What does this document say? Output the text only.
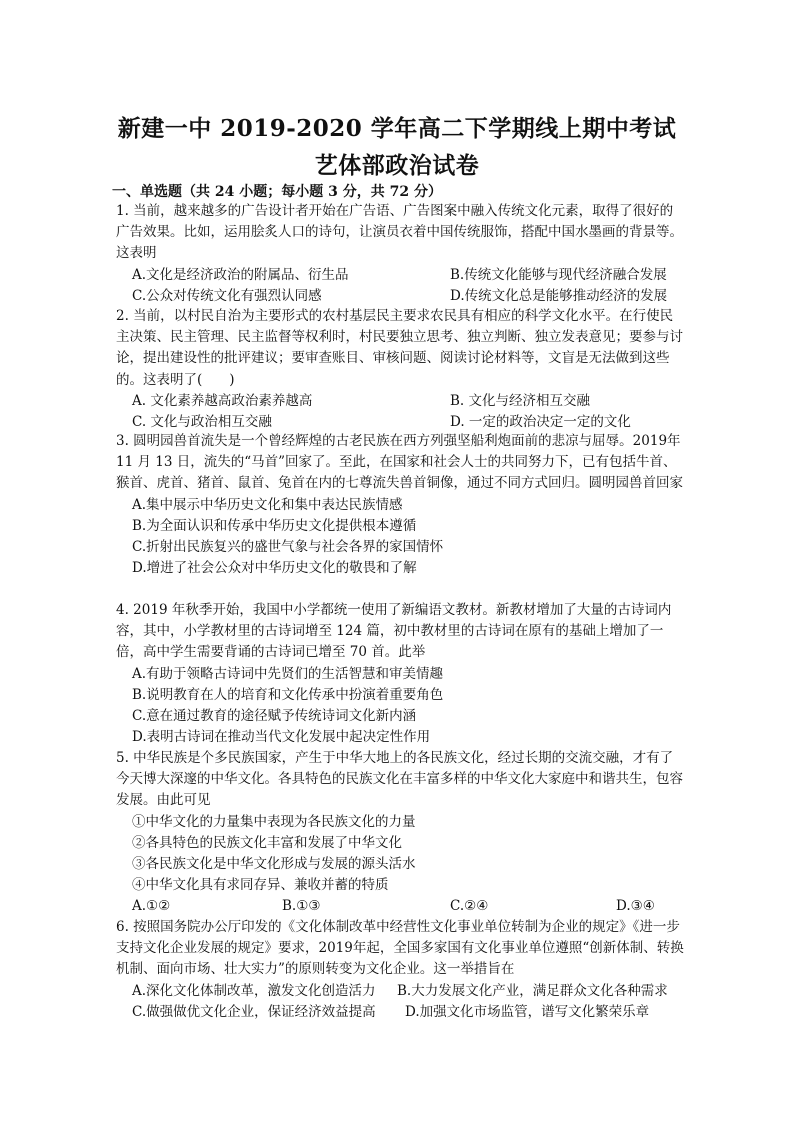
新建一中 2019-2020 学年高二下学期线上期中考试
艺体部政治试卷
一、单选题（共 24 小题；每小题 3 分，共 72 分）
1. 当前，越来越多的广告设计者开始在广告语、广告图案中融入传统文化元素，取得了很好的广告效果。比如，运用脍炙人口的诗句，让演员衣着中国传统服饰，搭配中国水墨画的背景等。这表明
A.文化是经济政治的附属品、衍生品	B.传统文化能够与现代经济融合发展
C.公众对传统文化有强烈认同感	D.传统文化总是能够推动经济的发展
2. 当前，以村民自治为主要形式的农村基层民主要求农民具有相应的科学文化水平。在行使民主决策、民主管理、民主监督等权利时，村民要独立思考、独立判断、独立发表意见；要参与讨论，提出建设性的批评建议；要审查账目、审核问题、阅读讨论材料等，文盲是无法做到这些的。这表明了(　　)
A. 文化素养越高政治素养越高	B. 文化与经济相互交融
C. 文化与政治相互交融	D. 一定的政治决定一定的文化
3. 圆明园兽首流失是一个曾经辉煌的古老民族在西方列强坚船利炮面前的悲凉与屈辱。2019年 11 月 13 日，流失的“马首”回家了。至此，在国家和社会人士的共同努力下，已有包括牛首、猴首、虎首、猪首、鼠首、兔首在内的七尊流失兽首铜像，通过不同方式回归。圆明园兽首回家
A.集中展示中华历史文化和集中表达民族情感
B.为全面认识和传承中华历史文化提供根本遵循
C.折射出民族复兴的盛世气象与社会各界的家国情怀
D.增进了社会公众对中华历史文化的敬畏和了解
4. 2019 年秋季开始，我国中小学都统一使用了新编语文教材。新教材增加了大量的古诗词内容，其中，小学教材里的古诗词增至 124 篇，初中教材里的古诗词在原有的基础上增加了一倍，高中学生需要背诵的古诗词已增至 70 首。此举
A.有助于领略古诗词中先贤们的生活智慧和审美情趣
B.说明教育在人的培育和文化传承中扮演着重要角色
C.意在通过教育的途径赋予传统诗词文化新内涵
D.表明古诗词在推动当代文化发展中起决定性作用
5. 中华民族是个多民族国家，产生于中华大地上的各民族文化，经过长期的交流交融，才有了今天博大深邃的中华文化。各具特色的民族文化在丰富多样的中华文化大家庭中和谐共生，包容发展。由此可见
①中华文化的力量集中表现为各民族文化的力量
②各具特色的民族文化丰富和发展了中华文化
③各民族文化是中华文化形成与发展的源头活水
④中华文化具有求同存异、兼收并蓄的特质
A.①②	B.①③	C.②④	D.③④
6. 按照国务院办公厅印发的《文化体制改革中经营性文化事业单位转制为企业的规定》《进一步支持文化企业发展的规定》要求，2019年起，全国多家国有文化事业单位遵照“创新体制、转换机制、面向市场、壮大实力”的原则转变为文化企业。这一举措旨在
A.深化文化体制改革，激发文化创造活力 B.大力发展文化产业，满足群众文化各种需求
C.做强做优文化企业，保证经济效益提高 D.加强文化市场监管，谱写文化繁荣乐章
